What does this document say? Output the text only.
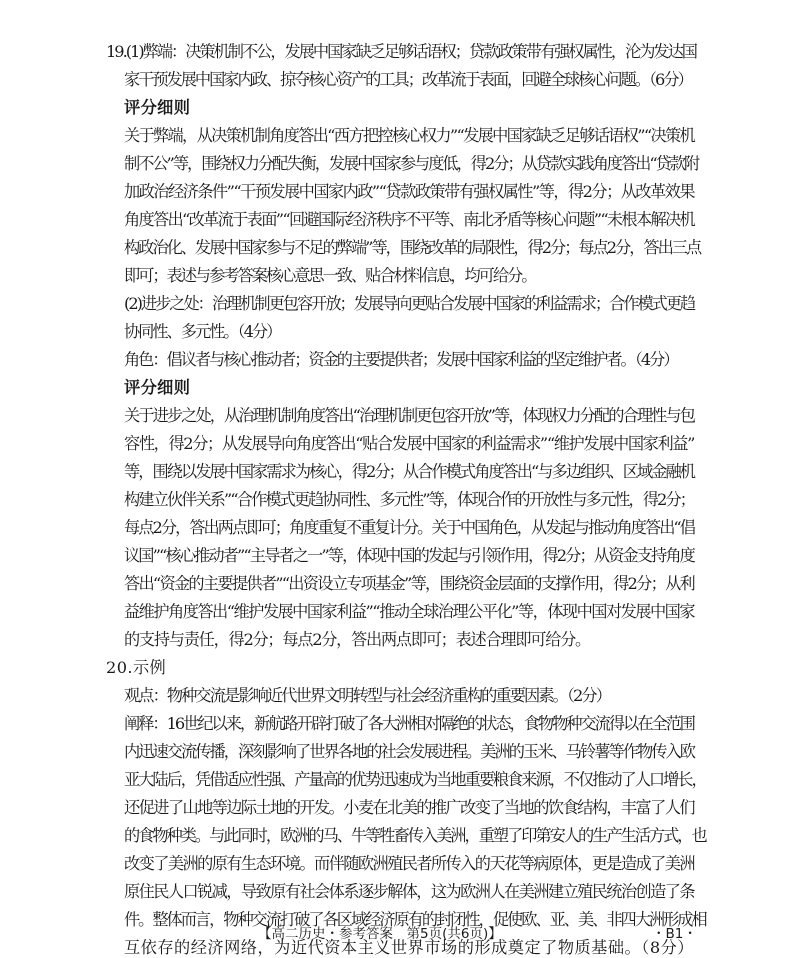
19.(1)弊端：决策机制不公，发展中国家缺乏足够话语权；贷款政策带有强权属性，沦为发达国
家干预发展中国家内政、掠夺核心资产的工具；改革流于表面，回避全球核心问题。（6分）
评分细则
关于弊端，从决策机制角度答出“西方把控核心权力”“发展中国家缺乏足够话语权”“决策机
制不公”等，围绕权力分配失衡，发展中国家参与度低，得2分；从贷款实践角度答出“贷款附
加政治经济条件”“干预发展中国家内政”“贷款政策带有强权属性”等，得2分；从改革效果
角度答出“改革流于表面”“回避国际经济秩序不平等、南北矛盾等核心问题”“未根本解决机
构政治化、发展中国家参与不足的弊端”等，围绕改革的局限性，得2分；每点2分，答出三点
即可；表述与参考答案核心意思一致、贴合材料信息，均可给分。
(2)进步之处：治理机制更包容开放；发展导向更贴合发展中国家的利益需求；合作模式更趋
协同性、多元性。（4分）
角色：倡议者与核心推动者；资金的主要提供者；发展中国家利益的坚定维护者。（4分）
评分细则
关于进步之处，从治理机制角度答出“治理机制更包容开放”等，体现权力分配的合理性与包
容性，得2分；从发展导向角度答出“贴合发展中国家的利益需求”“维护发展中国家利益”
等，围绕以发展中国家需求为核心，得2分；从合作模式角度答出“与多边组织、区域金融机
构建立伙伴关系”“合作模式更趋协同性、多元性”等，体现合作的开放性与多元性，得2分；
每点2分，答出两点即可；角度重复不重复计分。关于中国角色，从发起与推动角度答出“倡
议国”“核心推动者”“主导者之一”等，体现中国的发起与引领作用，得2分；从资金支持角度
答出“资金的主要提供者”“出资设立专项基金”等，围绕资金层面的支撑作用，得2分；从利
益维护角度答出“维护发展中国家利益”“推动全球治理公平化”等，体现中国对发展中国家
的支持与责任，得2分；每点2分，答出两点即可；表述合理即可给分。
20.示例
观点：物种交流是影响近代世界文明转型与社会经济重构的重要因素。（2分）
阐释：16世纪以来，新航路开辟打破了各大洲相对隔绝的状态，食物物种交流得以在全范围
内迅速交流传播，深刻影响了世界各地的社会发展进程。美洲的玉米、马铃薯等作物传入欧
亚大陆后，凭借适应性强、产量高的优势迅速成为当地重要粮食来源，不仅推动了人口增长，
还促进了山地等边际土地的开发。小麦在北美的推广改变了当地的饮食结构，丰富了人们
的食物种类。与此同时，欧洲的马、牛等牲畜传入美洲，重塑了印第安人的生产生活方式，也
改变了美洲的原有生态环境。而伴随欧洲殖民者所传入的天花等病原体，更是造成了美洲
原住民人口锐减，导致原有社会体系逐步解体，这为欧洲人在美洲建立殖民统治创造了条
件。整体而言，物种交流打破了各区域经济原有的封闭性，促使欧、亚、美、非四大洲形成相
互依存的经济网络，为近代资本主义世界市场的形成奠定了物质基础。（8分）
【高二历史・参考答案　第5页(共6页)】	・B1・
